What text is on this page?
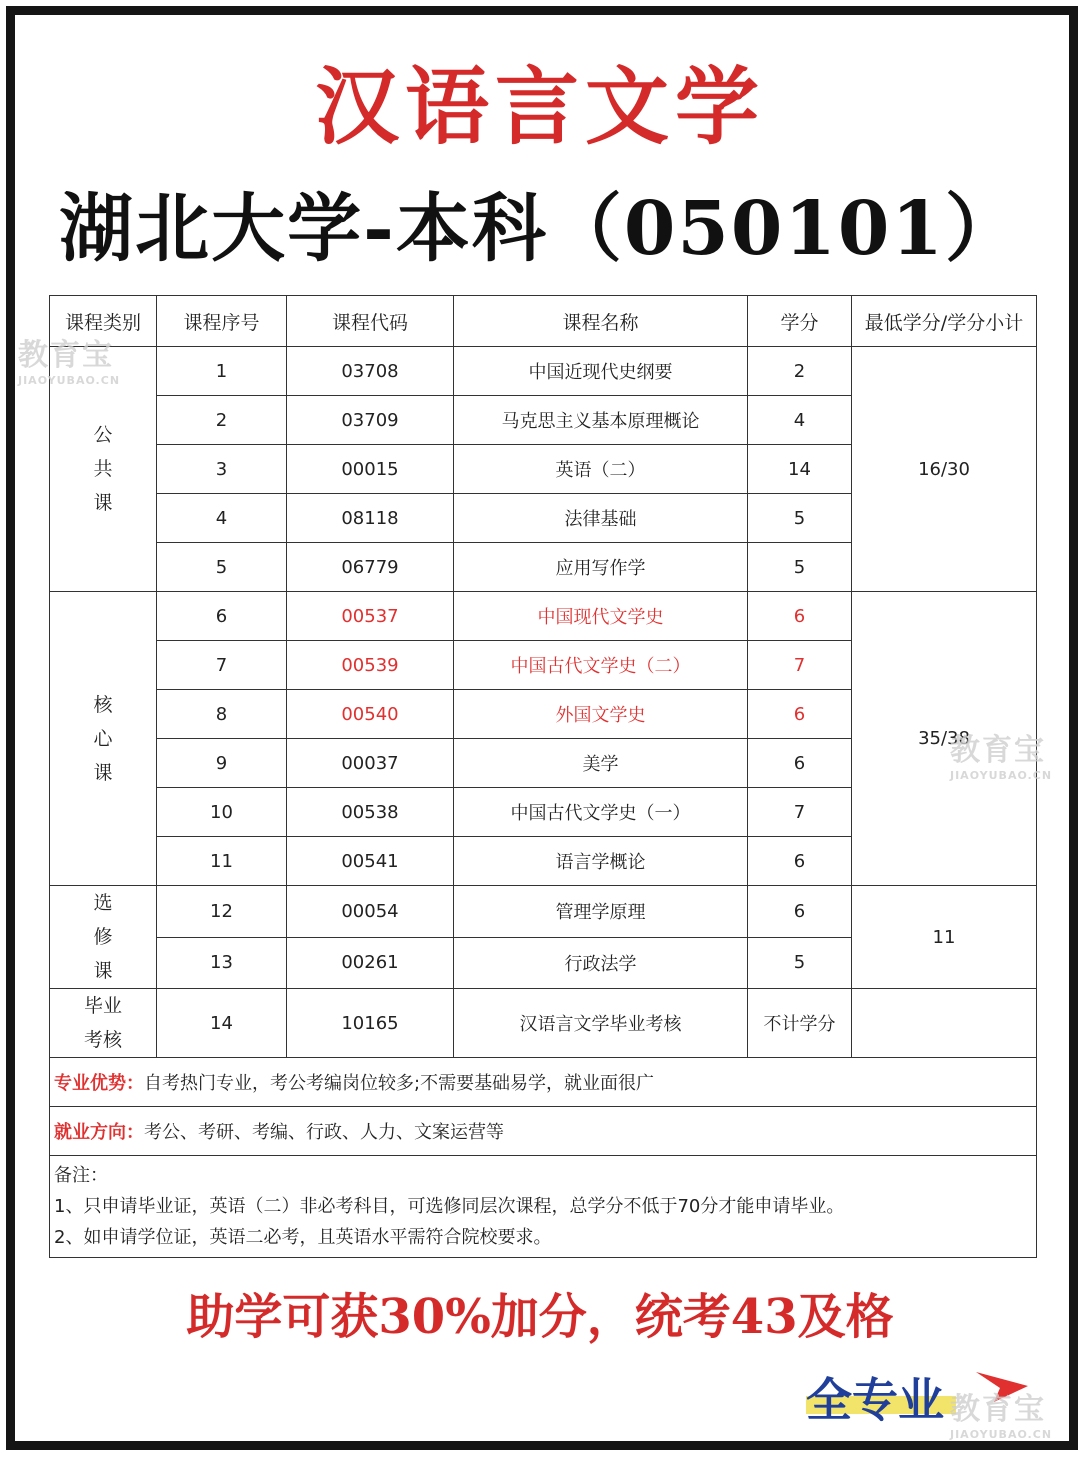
汉语言文学
湖北大学-本科（050101）
课程类别	课程序号	课程代码	课程名称	学分	最低学分/学分小计
公
共
课	1	03708	中国近现代史纲要	2	16/30
	2	03709	马克思主义基本原理概论	4	
	3	00015	英语（二）	14	
	4	08118	法律基础	5	
	5	06779	应用写作学	5	
核
心
课	6	00537	中国现代文学史	6	35/38
	7	00539	中国古代文学史（二）	7	
	8	00540	外国文学史	6	
	9	00037	美学	6	
	10	00538	中国古代文学史（一）	7	
	11	00541	语言学概论	6	
选
修
课	12	00054	管理学原理	6	11
	13	00261	行政法学	5	
毕业
考核	14	10165	汉语言文学毕业考核	不计学分	
专业优势：自考热门专业，考公考编岗位较多;不需要基础易学，就业面很广					
就业方向：考公、考研、考编、行政、人力、文案运营等					

备注：
1、只申请毕业证，英语（二）非必考科目，可选修同层次课程，总学分不低于70分才能申请毕业。
2、如申请学位证，英语二必考，且英语水平需符合院校要求。					
助学可获30%加分，统考43及格
教育宝
JIAOYUBAO.CN
教育宝
JIAOYUBAO.CN
全专业 教育宝
JIAOYUBAO.CN
